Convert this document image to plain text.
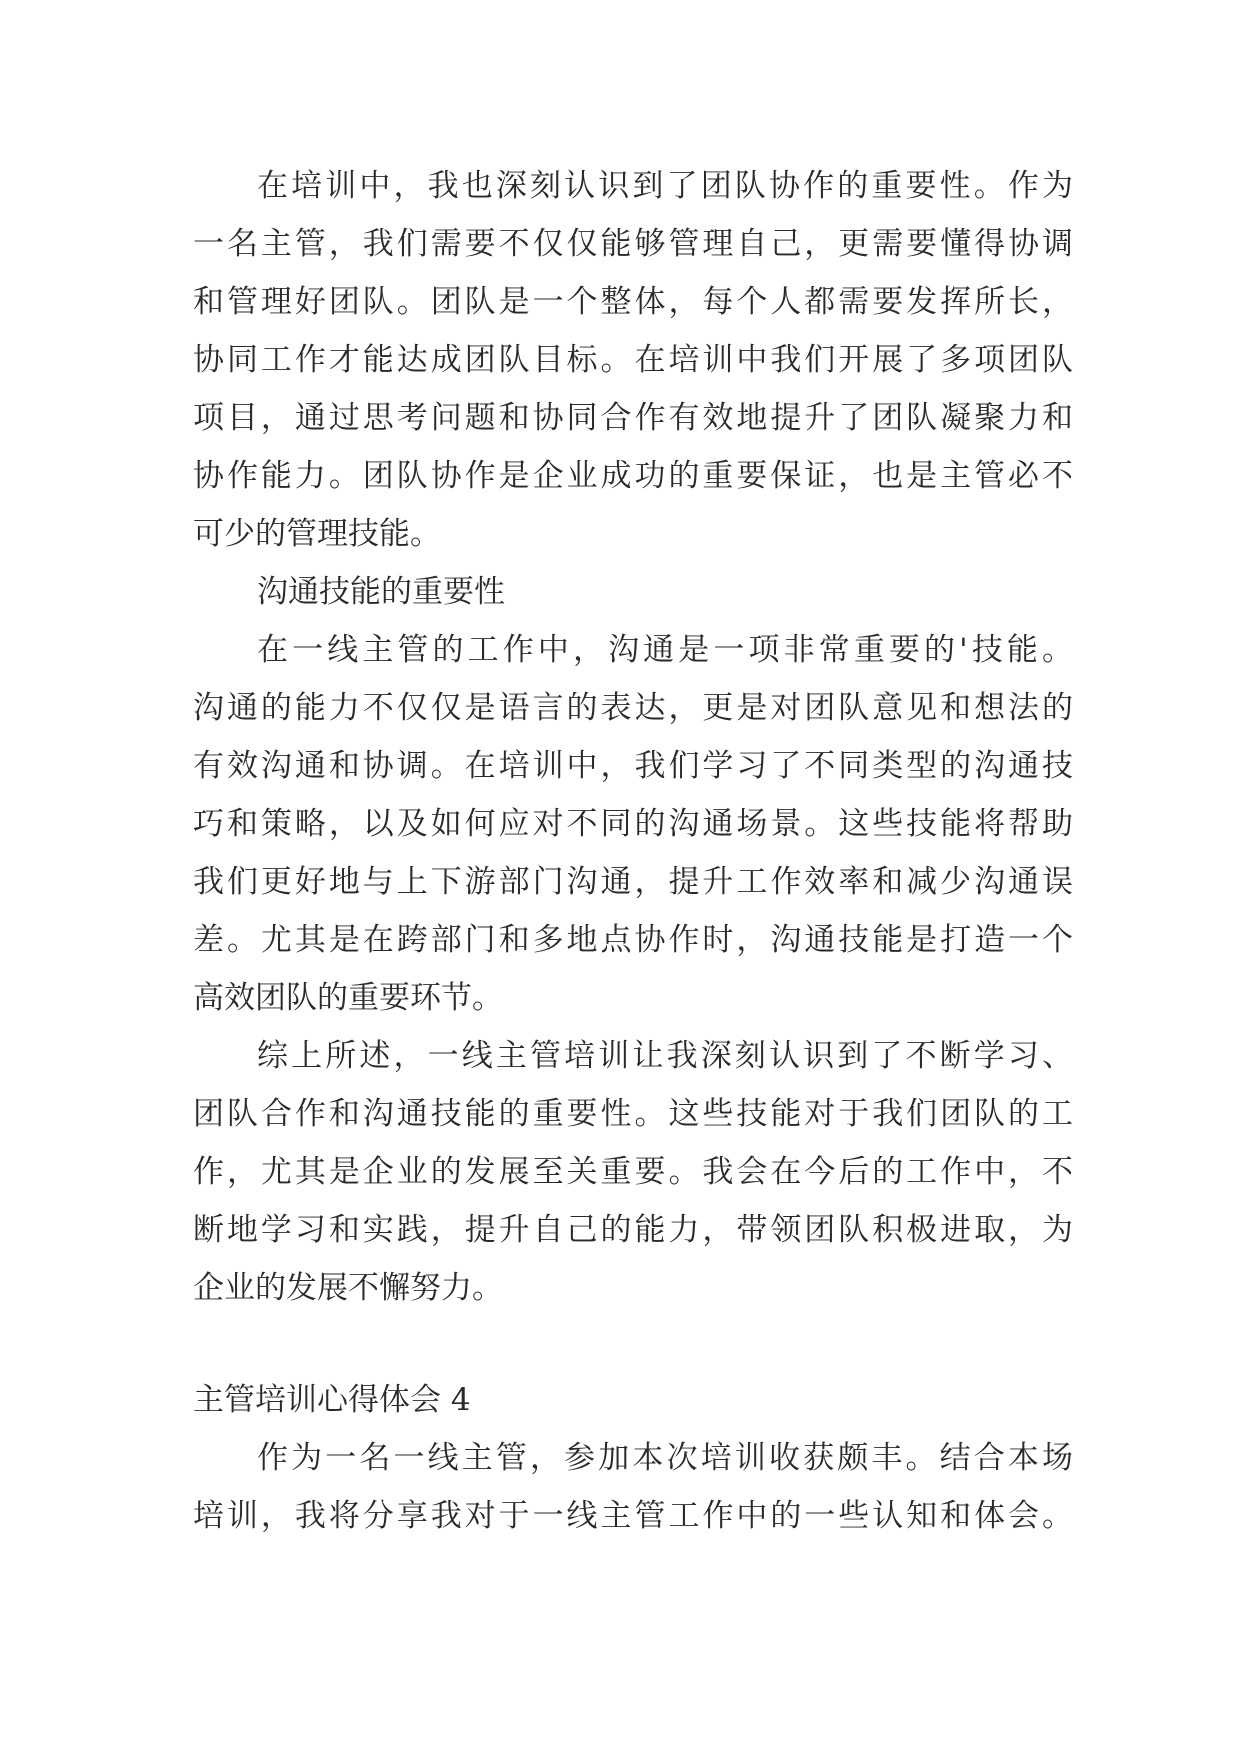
在培训中，我也深刻认识到了团队协作的重要性。作为
一名主管，我们需要不仅仅能够管理自己，更需要懂得协调
和管理好团队。团队是一个整体，每个人都需要发挥所长，
协同工作才能达成团队目标。在培训中我们开展了多项团队
项目，通过思考问题和协同合作有效地提升了团队凝聚力和
协作能力。团队协作是企业成功的重要保证，也是主管必不
可少的管理技能。
沟通技能的重要性
在一线主管的工作中，沟通是一项非常重要的'技能。
沟通的能力不仅仅是语言的表达，更是对团队意见和想法的
有效沟通和协调。在培训中，我们学习了不同类型的沟通技
巧和策略，以及如何应对不同的沟通场景。这些技能将帮助
我们更好地与上下游部门沟通，提升工作效率和减少沟通误
差。尤其是在跨部门和多地点协作时，沟通技能是打造一个
高效团队的重要环节。
综上所述，一线主管培训让我深刻认识到了不断学习、
团队合作和沟通技能的重要性。这些技能对于我们团队的工
作，尤其是企业的发展至关重要。我会在今后的工作中，不
断地学习和实践，提升自己的能力，带领团队积极进取，为
企业的发展不懈努力。
主管培训心得体会 4
作为一名一线主管，参加本次培训收获颇丰。结合本场
培训，我将分享我对于一线主管工作中的一些认知和体会。
